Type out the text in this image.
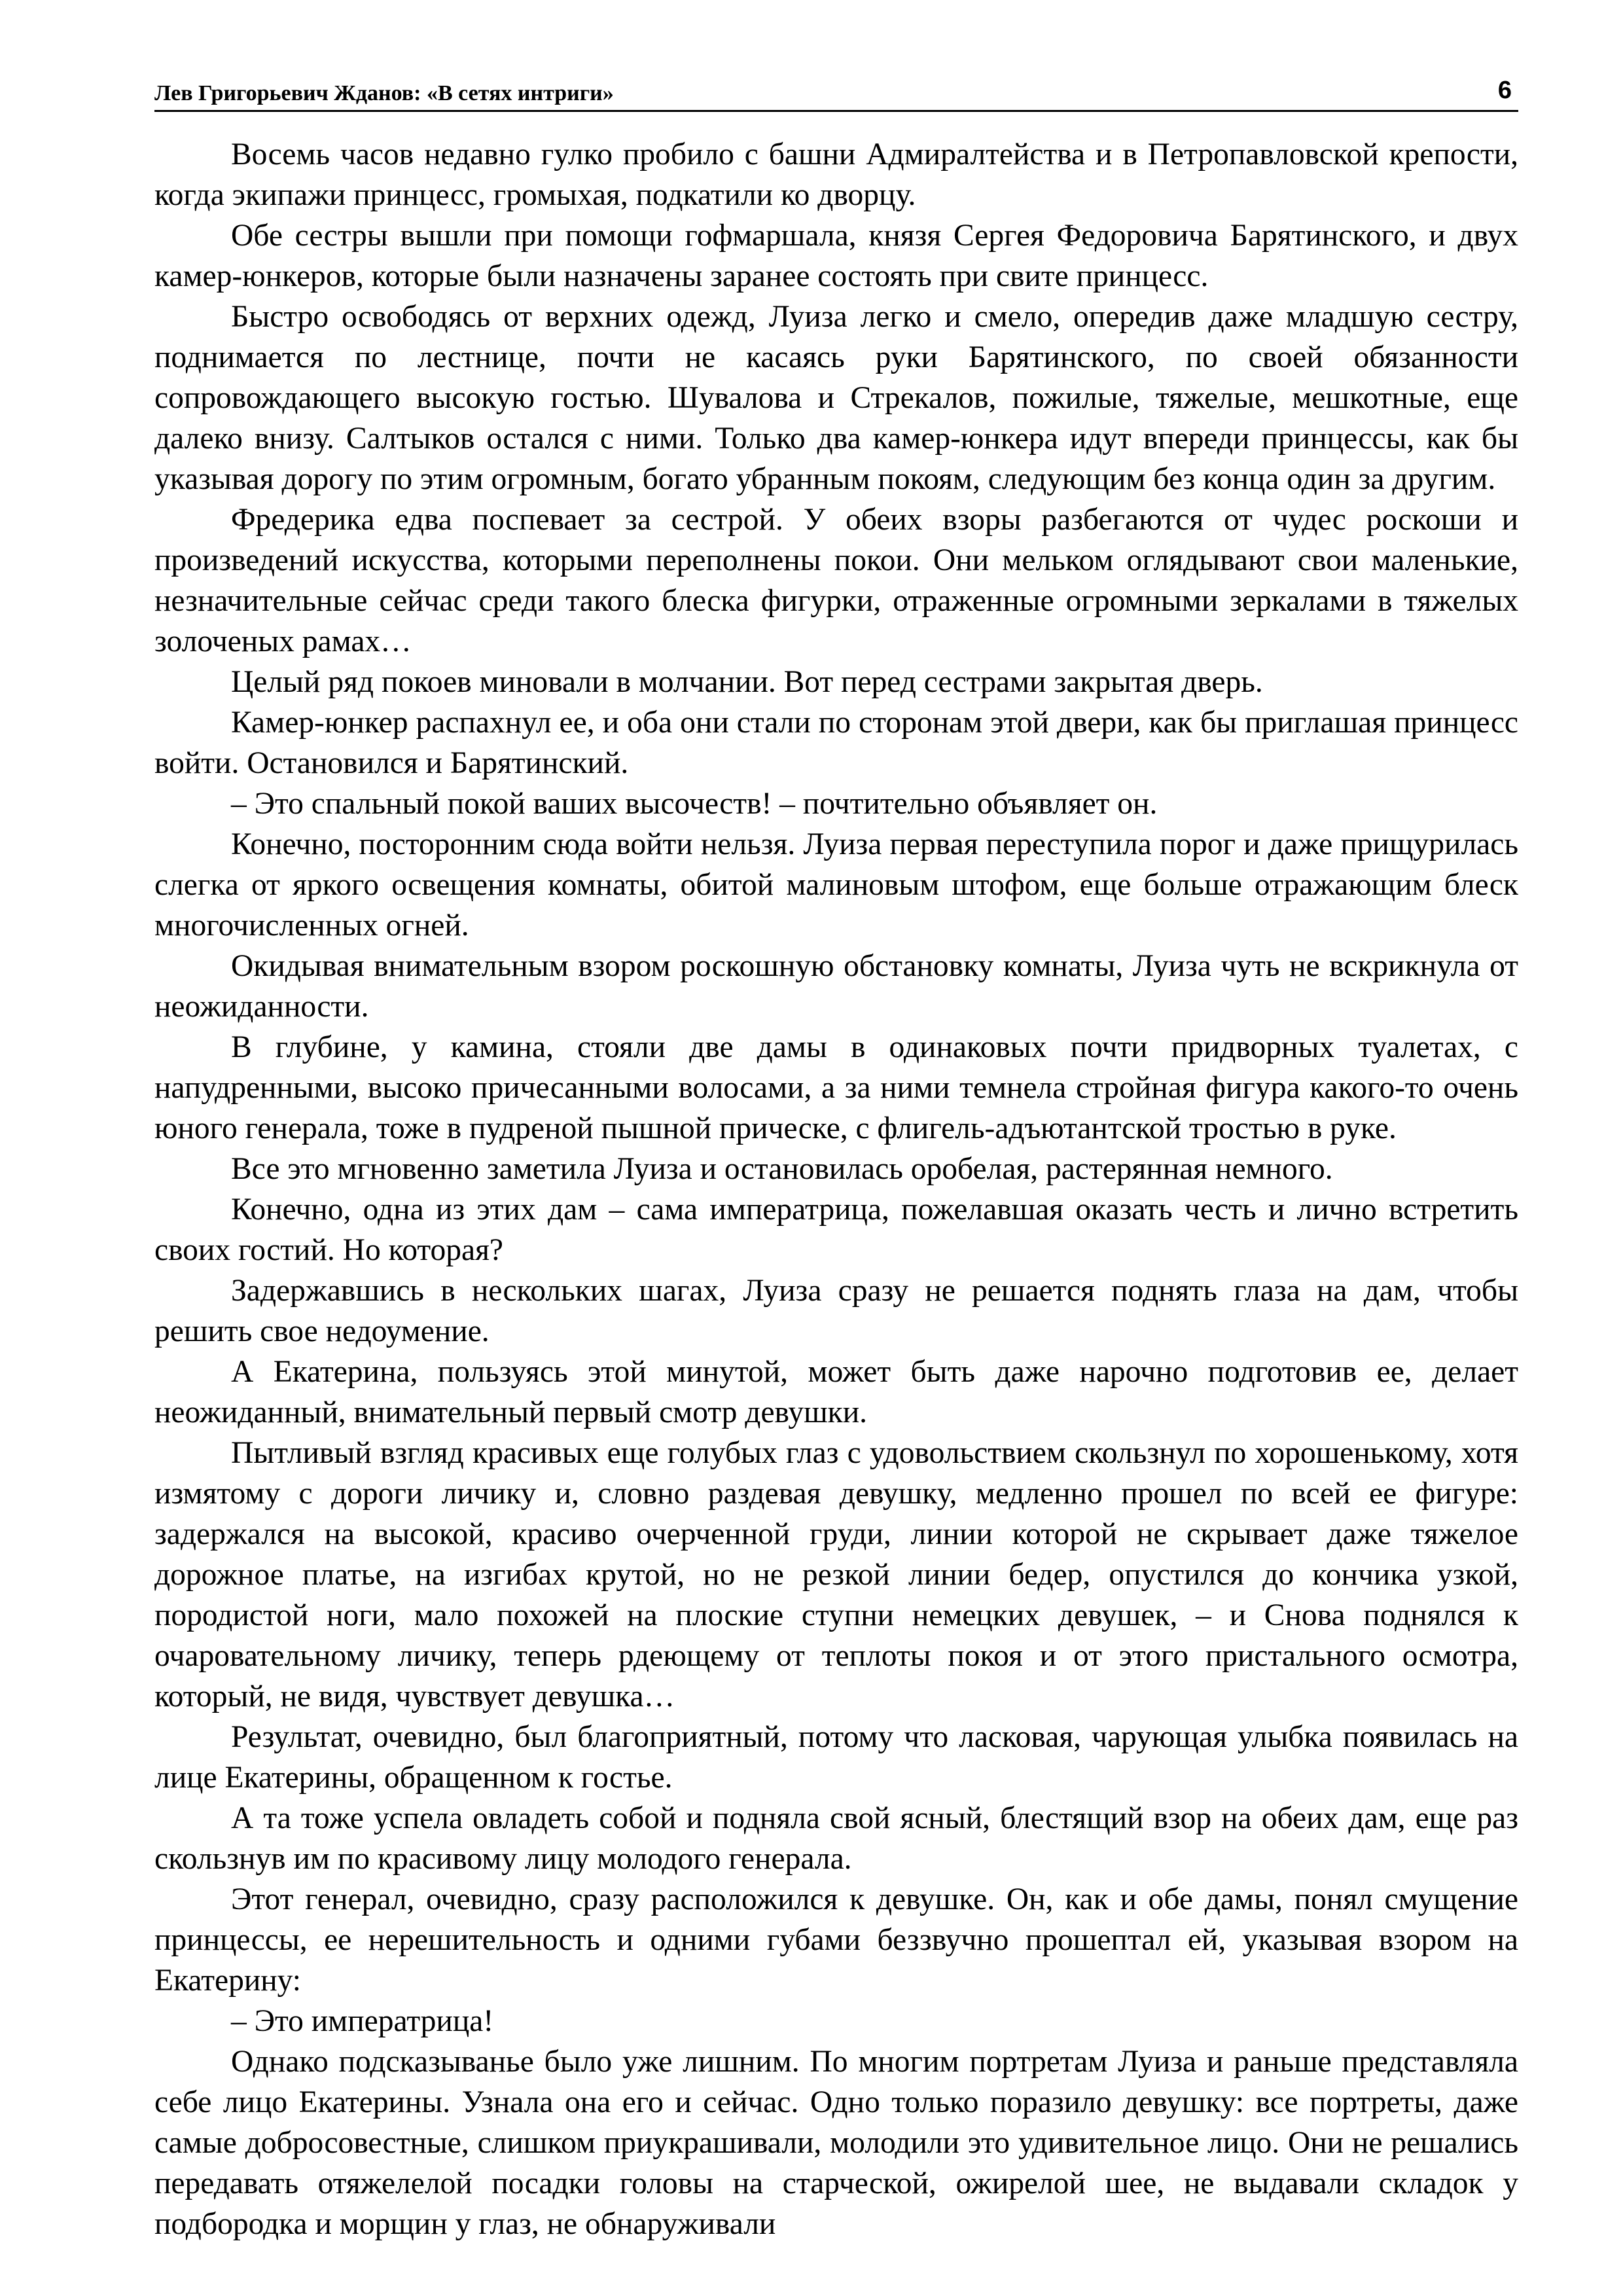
Лев Григорьевич Жданов: «В сетях интриги»	6

Восемь часов недавно гулко пробило с башни Адмиралтейства и в Петропавловской крепости, когда экипажи принцесс, громыхая, подкатили ко дворцу.

Обе сестры вышли при помощи гофмаршала, князя Сергея Федоровича Барятинского, и двух камер-юнкеров, которые были назначены заранее состоять при свите принцесс.

Быстро освободясь от верхних одежд, Луиза легко и смело, опередив даже младшую сестру, поднимается по лестнице, почти не касаясь руки Барятинского, по своей обязанности сопровождающего высокую гостью. Шувалова и Стрекалов, пожилые, тяжелые, мешкотные, еще далеко внизу. Салтыков остался с ними. Только два камер-юнкера идут впереди принцессы, как бы указывая дорогу по этим огромным, богато убранным покоям, следующим без конца один за другим.

Фредерика едва поспевает за сестрой. У обеих взоры разбегаются от чудес роскоши и произведений искусства, которыми переполнены покои. Они мельком оглядывают свои маленькие, незначительные сейчас среди такого блеска фигурки, отраженные огромными зеркалами в тяжелых золоченых рамах…

Целый ряд покоев миновали в молчании. Вот перед сестрами закрытая дверь.

Камер-юнкер распахнул ее, и оба они стали по сторонам этой двери, как бы приглашая принцесс войти. Остановился и Барятинский.

– Это спальный покой ваших высочеств! – почтительно объявляет он.

Конечно, посторонним сюда войти нельзя. Луиза первая переступила порог и даже прищурилась слегка от яркого освещения комнаты, обитой малиновым штофом, еще больше отражающим блеск многочисленных огней.

Окидывая внимательным взором роскошную обстановку комнаты, Луиза чуть не вскрикнула от неожиданности.

В глубине, у камина, стояли две дамы в одинаковых почти придворных туалетах, с напудренными, высоко причесанными волосами, а за ними темнела стройная фигура какого-то очень юного генерала, тоже в пудреной пышной прическе, с флигель-адъютантской тростью в руке.

Все это мгновенно заметила Луиза и остановилась оробелая, растерянная немного.

Конечно, одна из этих дам – сама императрица, пожелавшая оказать честь и лично встретить своих гостий. Но которая?

Задержавшись в нескольких шагах, Луиза сразу не решается поднять глаза на дам, чтобы решить свое недоумение.

А Екатерина, пользуясь этой минутой, может быть даже нарочно подготовив ее, делает неожиданный, внимательный первый смотр девушки.

Пытливый взгляд красивых еще голубых глаз с удовольствием скользнул по хорошенькому, хотя измятому с дороги личику и, словно раздевая девушку, медленно прошел по всей ее фигуре: задержался на высокой, красиво очерченной груди, линии которой не скрывает даже тяжелое дорожное платье, на изгибах крутой, но не резкой линии бедер, опустился до кончика узкой, породистой ноги, мало похожей на плоские ступни немецких девушек, – и Снова поднялся к очаровательному личику, теперь рдеющему от теплоты покоя и от этого пристального осмотра, который, не видя, чувствует девушка…

Результат, очевидно, был благоприятный, потому что ласковая, чарующая улыбка появилась на лице Екатерины, обращенном к гостье.

А та тоже успела овладеть собой и подняла свой ясный, блестящий взор на обеих дам, еще раз скользнув им по красивому лицу молодого генерала.

Этот генерал, очевидно, сразу расположился к девушке. Он, как и обе дамы, понял смущение принцессы, ее нерешительность и одними губами беззвучно прошептал ей, указывая взором на Екатерину:

– Это императрица!

Однако подсказыванье было уже лишним. По многим портретам Луиза и раньше представляла себе лицо Екатерины. Узнала она его и сейчас. Одно только поразило девушку: все портреты, даже самые добросовестные, слишком приукрашивали, молодили это удивительное лицо. Они не решались передавать отяжелелой посадки головы на старческой, ожирелой шее, не выдавали складок у подбородка и морщин у глаз, не обнаруживали
